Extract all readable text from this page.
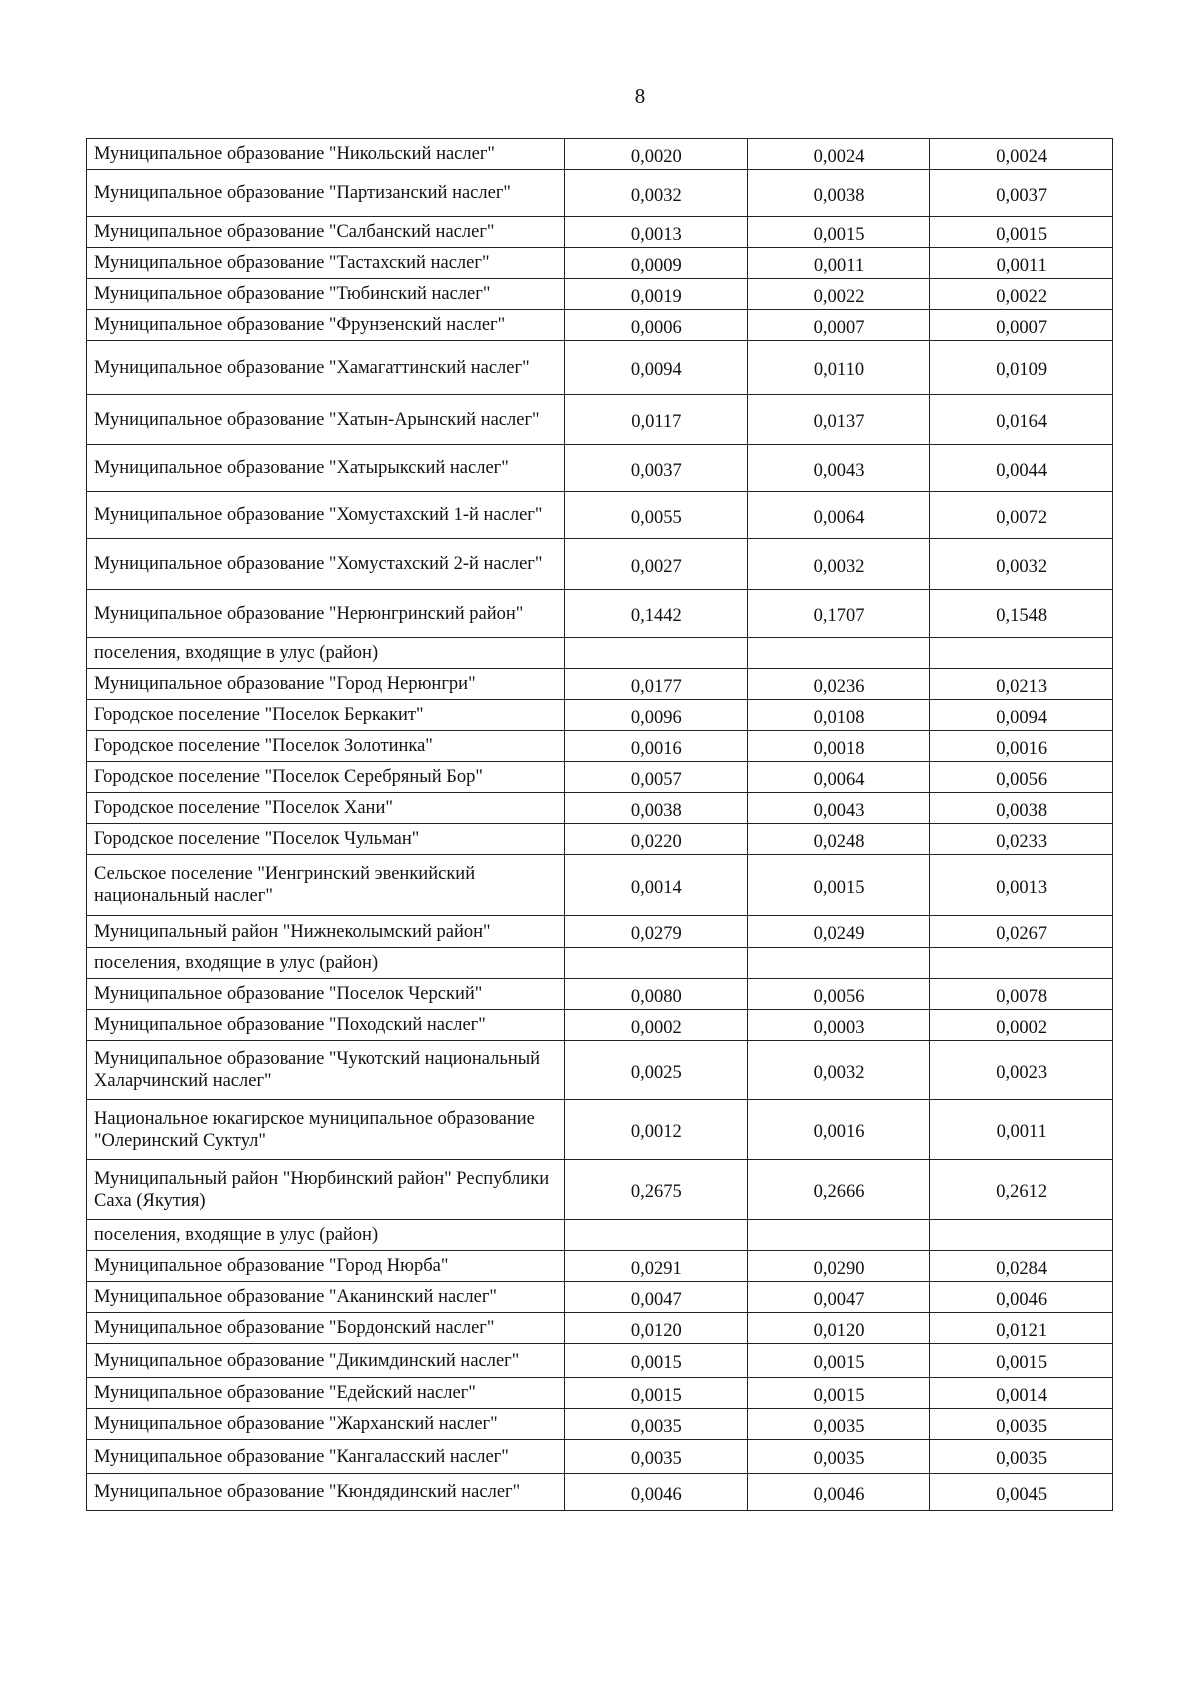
8
Муниципальное образование "Никольский наслег"	0,0020	0,0024	0,0024
Муниципальное образование "Партизанский наслег"	0,0032	0,0038	0,0037
Муниципальное образование "Салбанский наслег"	0,0013	0,0015	0,0015
Муниципальное образование "Тастахский наслег"	0,0009	0,0011	0,0011
Муниципальное образование "Тюбинский наслег"	0,0019	0,0022	0,0022
Муниципальное образование "Фрунзенский наслег"	0,0006	0,0007	0,0007
Муниципальное образование "Хамагаттинский наслег"	0,0094	0,0110	0,0109
Муниципальное образование "Хатын-Арынский наслег"	0,0117	0,0137	0,0164
Муниципальное образование "Хатырыкский наслег"	0,0037	0,0043	0,0044
Муниципальное образование "Хомустахский 1-й наслег"	0,0055	0,0064	0,0072
Муниципальное образование "Хомустахский 2-й наслег"	0,0027	0,0032	0,0032
Муниципальное образование "Нерюнгринский район"	0,1442	0,1707	0,1548
поселения, входящие в улус (район)			
Муниципальное образование "Город Нерюнгри"	0,0177	0,0236	0,0213
Городское поселение "Поселок Беркакит"	0,0096	0,0108	0,0094
Городское поселение "Поселок Золотинка"	0,0016	0,0018	0,0016
Городское поселение "Поселок Серебряный Бор"	0,0057	0,0064	0,0056
Городское поселение "Поселок Хани"	0,0038	0,0043	0,0038
Городское поселение "Поселок Чульман"	0,0220	0,0248	0,0233
Сельское поселение "Иенгринский эвенкийский национальный наслег"	0,0014	0,0015	0,0013
Муниципальный район "Нижнеколымский район"	0,0279	0,0249	0,0267
поселения, входящие в улус (район)			
Муниципальное образование "Поселок Черский"	0,0080	0,0056	0,0078
Муниципальное образование "Походский наслег"	0,0002	0,0003	0,0002
Муниципальное образование "Чукотский национальный Халарчинский наслег"	0,0025	0,0032	0,0023
Национальное юкагирское муниципальное образование "Олеринский Суктул"	0,0012	0,0016	0,0011
Муниципальный район "Нюрбинский район" Республики Саха (Якутия)	0,2675	0,2666	0,2612
поселения, входящие в улус (район)			
Муниципальное образование "Город Нюрба"	0,0291	0,0290	0,0284
Муниципальное образование "Аканинский наслег"	0,0047	0,0047	0,0046
Муниципальное образование "Бордонский наслег"	0,0120	0,0120	0,0121
Муниципальное образование "Дикимдинский наслег"	0,0015	0,0015	0,0015
Муниципальное образование "Едейский наслег"	0,0015	0,0015	0,0014
Муниципальное образование "Жарханский наслег"	0,0035	0,0035	0,0035
Муниципальное образование "Кангаласский наслег"	0,0035	0,0035	0,0035
Муниципальное образование "Кюндядинский наслег"	0,0046	0,0046	0,0045
